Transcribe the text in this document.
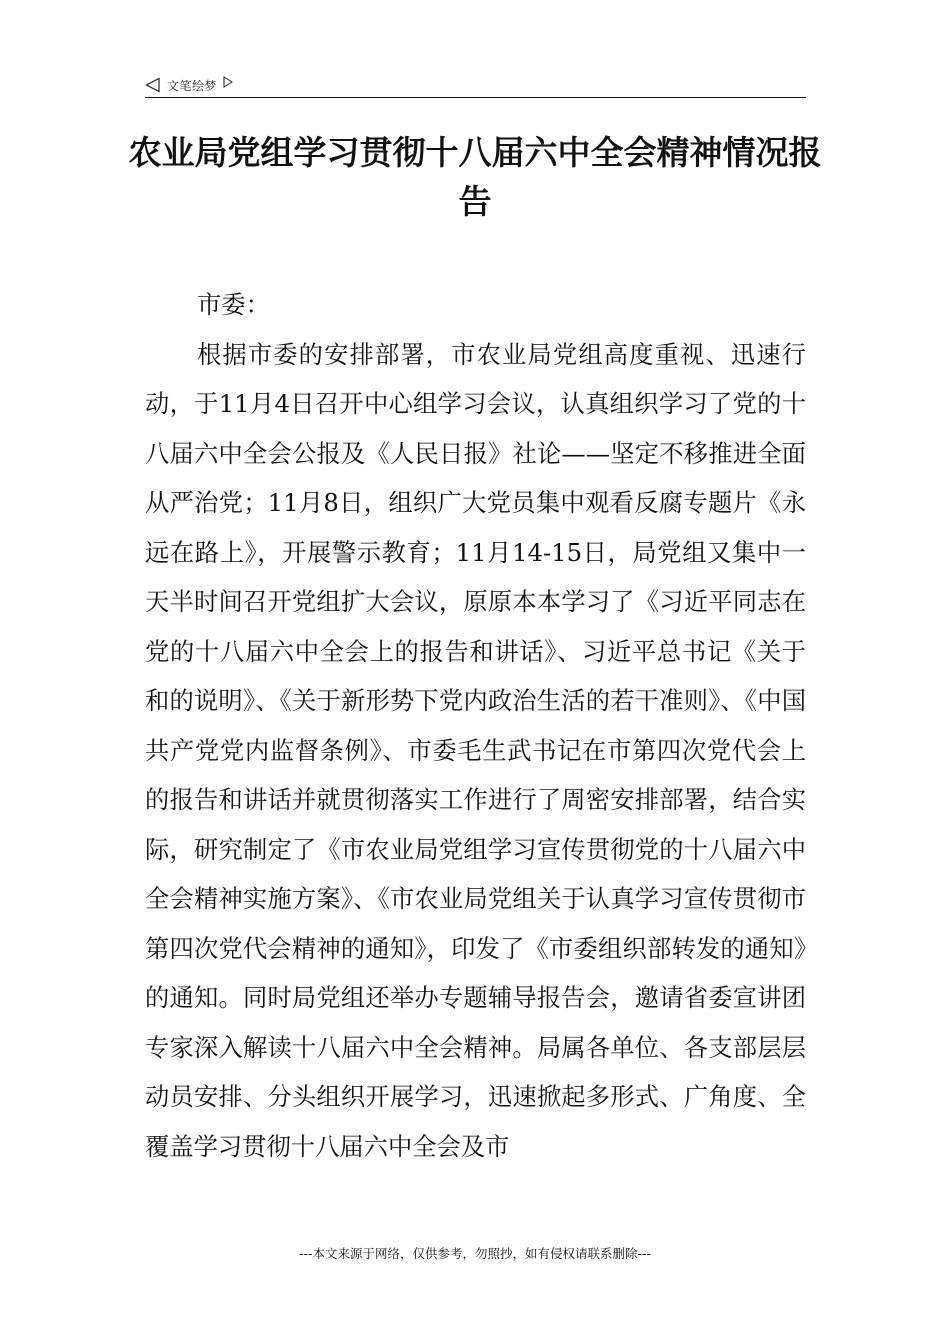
文笔绘梦
农业局党组学习贯彻十八届六中全会精神情况报告

市委：

根据市委的安排部署，市农业局党组高度重视、迅速行动，于11月4日召开中心组学习会议，认真组织学习了党的十八届六中全会公报及《人民日报》社论——坚定不移推进全面从严治党；11月8日，组织广大党员集中观看反腐专题片《永远在路上》，开展警示教育；11月14-15日，局党组又集中一天半时间召开党组扩大会议，原原本本学习了《习近平同志在党的十八届六中全会上的报告和讲话》、习近平总书记《关于和的说明》、《关于新形势下党内政治生活的若干准则》、《中国共产党党内监督条例》、市委毛生武书记在市第四次党代会上的报告和讲话并就贯彻落实工作进行了周密安排部署，结合实际，研究制定了《市农业局党组学习宣传贯彻党的十八届六中全会精神实施方案》、《市农业局党组关于认真学习宣传贯彻市第四次党代会精神的通知》，印发了《市委组织部转发的通知》的通知。同时局党组还举办专题辅导报告会，邀请省委宣讲团专家深入解读十八届六中全会精神。局属各单位、各支部层层动员安排、分头组织开展学习，迅速掀起多形式、广角度、全覆盖学习贯彻十八届六中全会及市

---本文来源于网络，仅供参考，勿照抄，如有侵权请联系删除---
